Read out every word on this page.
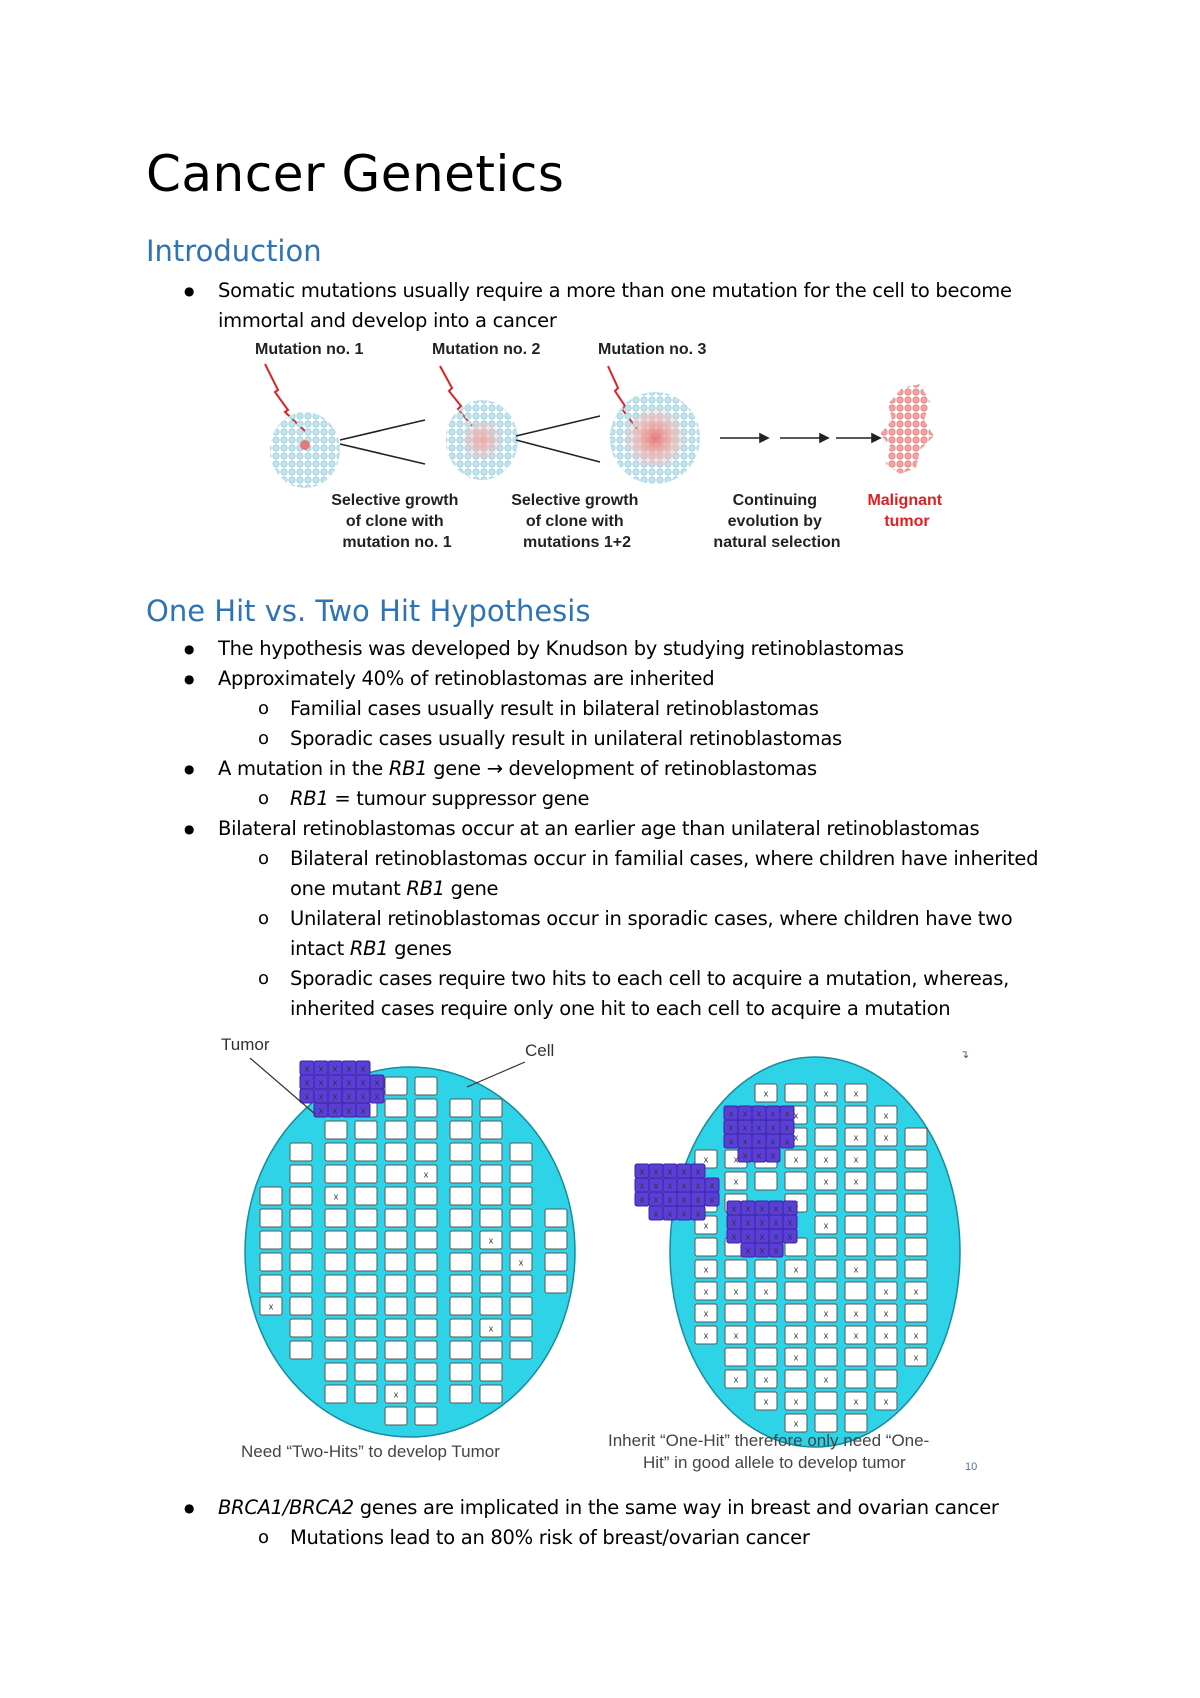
Cancer Genetics
Introduction
● Somatic mutations usually require a more than one mutation for the cell to become immortal and develop into a cancer
Mutation no. 1	Mutation no. 2	Mutation no. 3
Selective growth of clone with mutation no. 1
Selective growth of clone with mutations 1+2
Continuing evolution by natural selection
Malignant tumor
One Hit vs. Two Hit Hypothesis
● The hypothesis was developed by Knudson by studying retinoblastomas
● Approximately 40% of retinoblastomas are inherited
o Familial cases usually result in bilateral retinoblastomas
o Sporadic cases usually result in unilateral retinoblastomas
● A mutation in the RB1 gene → development of retinoblastomas
o RB1 = tumour suppressor gene
● Bilateral retinoblastomas occur at an earlier age than unilateral retinoblastomas
o Bilateral retinoblastomas occur in familial cases, where children have inherited one mutant RB1 gene
o Unilateral retinoblastomas occur in sporadic cases, where children have two intact RB1 genes
o Sporadic cases require two hits to each cell to acquire a mutation, whereas, inherited cases require only one hit to each cell to acquire a mutation
x
x
x
x
x
x
x
x x x x x
x x x x x x
x x x x x x
x x x x
x
x
x
x
x
x
x
x
x
x
x
x
x
x
x
x
x
x
x
x
x
x
x
x
x
x
x
x
x
x
x
x
x
x
x
x
x
x
x
x
x
x
x
x
x
x
x
x x x x x
x x x x x
x x x x x
x x x
x x x x x
x x x x x x
x x x x x x
x x x x	x x x x x
x x x x x
x x x x x
x x x
Tumor	Cell	↴
Need “Two-Hits” to develop Tumor
Inherit “One-Hit” therefore only need “One-
Hit” in good allele to develop tumor	10
● BRCA1/BRCA2 genes are implicated in the same way in breast and ovarian cancer
o Mutations lead to an 80% risk of breast/ovarian cancer
